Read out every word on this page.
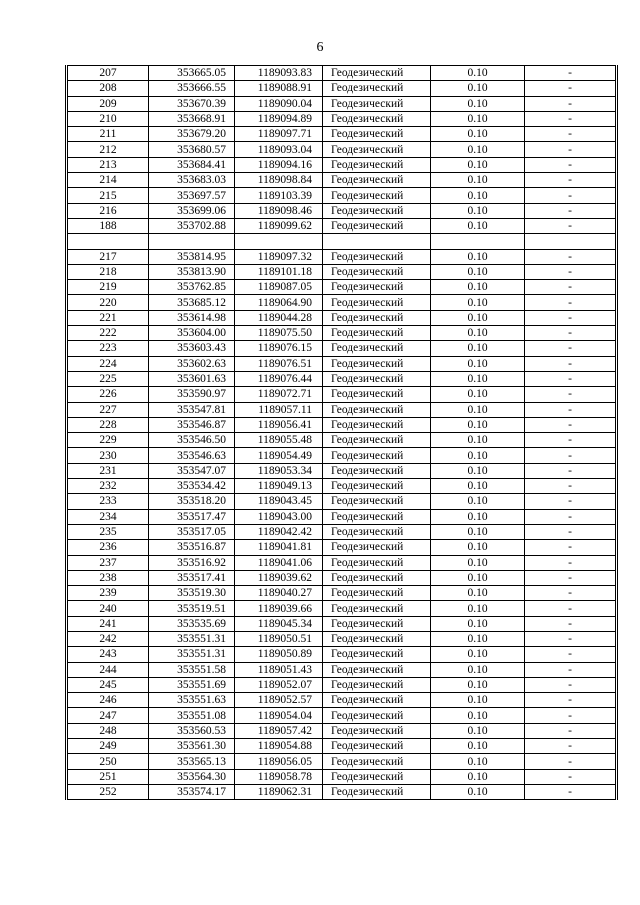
6
207	353665.05	1189093.83	Геодезический	0.10	-
208	353666.55	1189088.91	Геодезический	0.10	-
209	353670.39	1189090.04	Геодезический	0.10	-
210	353668.91	1189094.89	Геодезический	0.10	-
211	353679.20	1189097.71	Геодезический	0.10	-
212	353680.57	1189093.04	Геодезический	0.10	-
213	353684.41	1189094.16	Геодезический	0.10	-
214	353683.03	1189098.84	Геодезический	0.10	-
215	353697.57	1189103.39	Геодезический	0.10	-
216	353699.06	1189098.46	Геодезический	0.10	-
188	353702.88	1189099.62	Геодезический	0.10	-

217	353814.95	1189097.32	Геодезический	0.10	-
218	353813.90	1189101.18	Геодезический	0.10	-
219	353762.85	1189087.05	Геодезический	0.10	-
220	353685.12	1189064.90	Геодезический	0.10	-
221	353614.98	1189044.28	Геодезический	0.10	-
222	353604.00	1189075.50	Геодезический	0.10	-
223	353603.43	1189076.15	Геодезический	0.10	-
224	353602.63	1189076.51	Геодезический	0.10	-
225	353601.63	1189076.44	Геодезический	0.10	-
226	353590.97	1189072.71	Геодезический	0.10	-
227	353547.81	1189057.11	Геодезический	0.10	-
228	353546.87	1189056.41	Геодезический	0.10	-
229	353546.50	1189055.48	Геодезический	0.10	-
230	353546.63	1189054.49	Геодезический	0.10	-
231	353547.07	1189053.34	Геодезический	0.10	-
232	353534.42	1189049.13	Геодезический	0.10	-
233	353518.20	1189043.45	Геодезический	0.10	-
234	353517.47	1189043.00	Геодезический	0.10	-
235	353517.05	1189042.42	Геодезический	0.10	-
236	353516.87	1189041.81	Геодезический	0.10	-
237	353516.92	1189041.06	Геодезический	0.10	-
238	353517.41	1189039.62	Геодезический	0.10	-
239	353519.30	1189040.27	Геодезический	0.10	-
240	353519.51	1189039.66	Геодезический	0.10	-
241	353535.69	1189045.34	Геодезический	0.10	-
242	353551.31	1189050.51	Геодезический	0.10	-
243	353551.31	1189050.89	Геодезический	0.10	-
244	353551.58	1189051.43	Геодезический	0.10	-
245	353551.69	1189052.07	Геодезический	0.10	-
246	353551.63	1189052.57	Геодезический	0.10	-
247	353551.08	1189054.04	Геодезический	0.10	-
248	353560.53	1189057.42	Геодезический	0.10	-
249	353561.30	1189054.88	Геодезический	0.10	-
250	353565.13	1189056.05	Геодезический	0.10	-
251	353564.30	1189058.78	Геодезический	0.10	-
252	353574.17	1189062.31	Геодезический	0.10	-
